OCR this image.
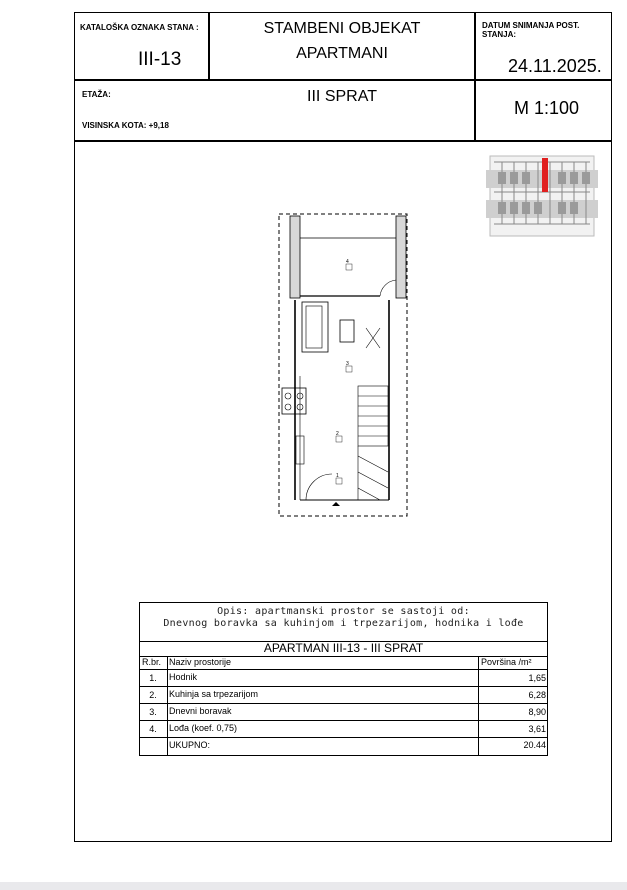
KATALOŠKA OZNAKA STANA :
III-13
STAMBENI OBJEKAT
APARTMANI
DATUM SNIMANJA POST. STANJA:
24.11.2025.
ETAŽA:	III SPRAT
VISINSKA KOTA: +9,18
M 1:100
4
3
2
1
Opis: apartmanski prostor se sastoji od:
Dnevnog boravka sa kuhinjom i trpezarijom, hodnika i lođe
APARTMAN III-13 - III SPRAT
R.br. Naziv prostorije	Površina /m²
1.	Hodnik	1,65
2.	Kuhinja sa trpezarijom	6,28
3.	Dnevni boravak	8,90
4.	Lođa (koef. 0,75)	3,61
UKUPNO:	20.44
